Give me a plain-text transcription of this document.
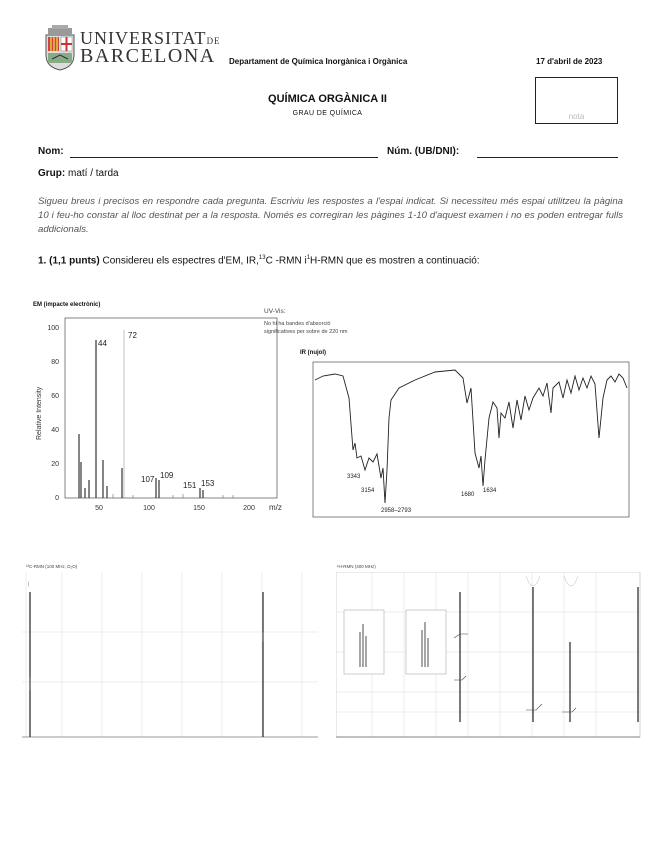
UNIVERSITATDE
BARCELONA Departament de Química Inorgànica i Orgànica	17 d'abril de 2023
nota
QUÍMICA ORGÀNICA II
GRAU DE QUÍMICA
Nom:	Núm. (UB/DNI):
Grup: matí / tarda
Sigueu breus i precisos en respondre cada pregunta. Escriviu les respostes a l'espai indicat. Si necessiteu més espai utilitzeu la pàgina 10 i feu-ho constar al lloc destinat per a la resposta. Només es corregiran les pàgines 1-10 d'aquest examen i no es poden entregar fulls addicionals.
1. (1,1 punts) Considereu els espectres d'EM, IR,$^{13}$C -RMN $i^1H$-RMN que es mostren a continuació:
EM (impacte electrònic)
Relative Intensity
100
80
60
40
20
0
50	100	150	200 m/z
44
72
107 109
151 153
UV-Vis:
No hi ha bandes d'absorció
significatives per sobre de 220 nm
IR (nujol)
3343
3154
2958–2793
1680
1634
¹³C-RMN (100 MHz, D₂O)
—
¹H-RMN (400 MHz)
